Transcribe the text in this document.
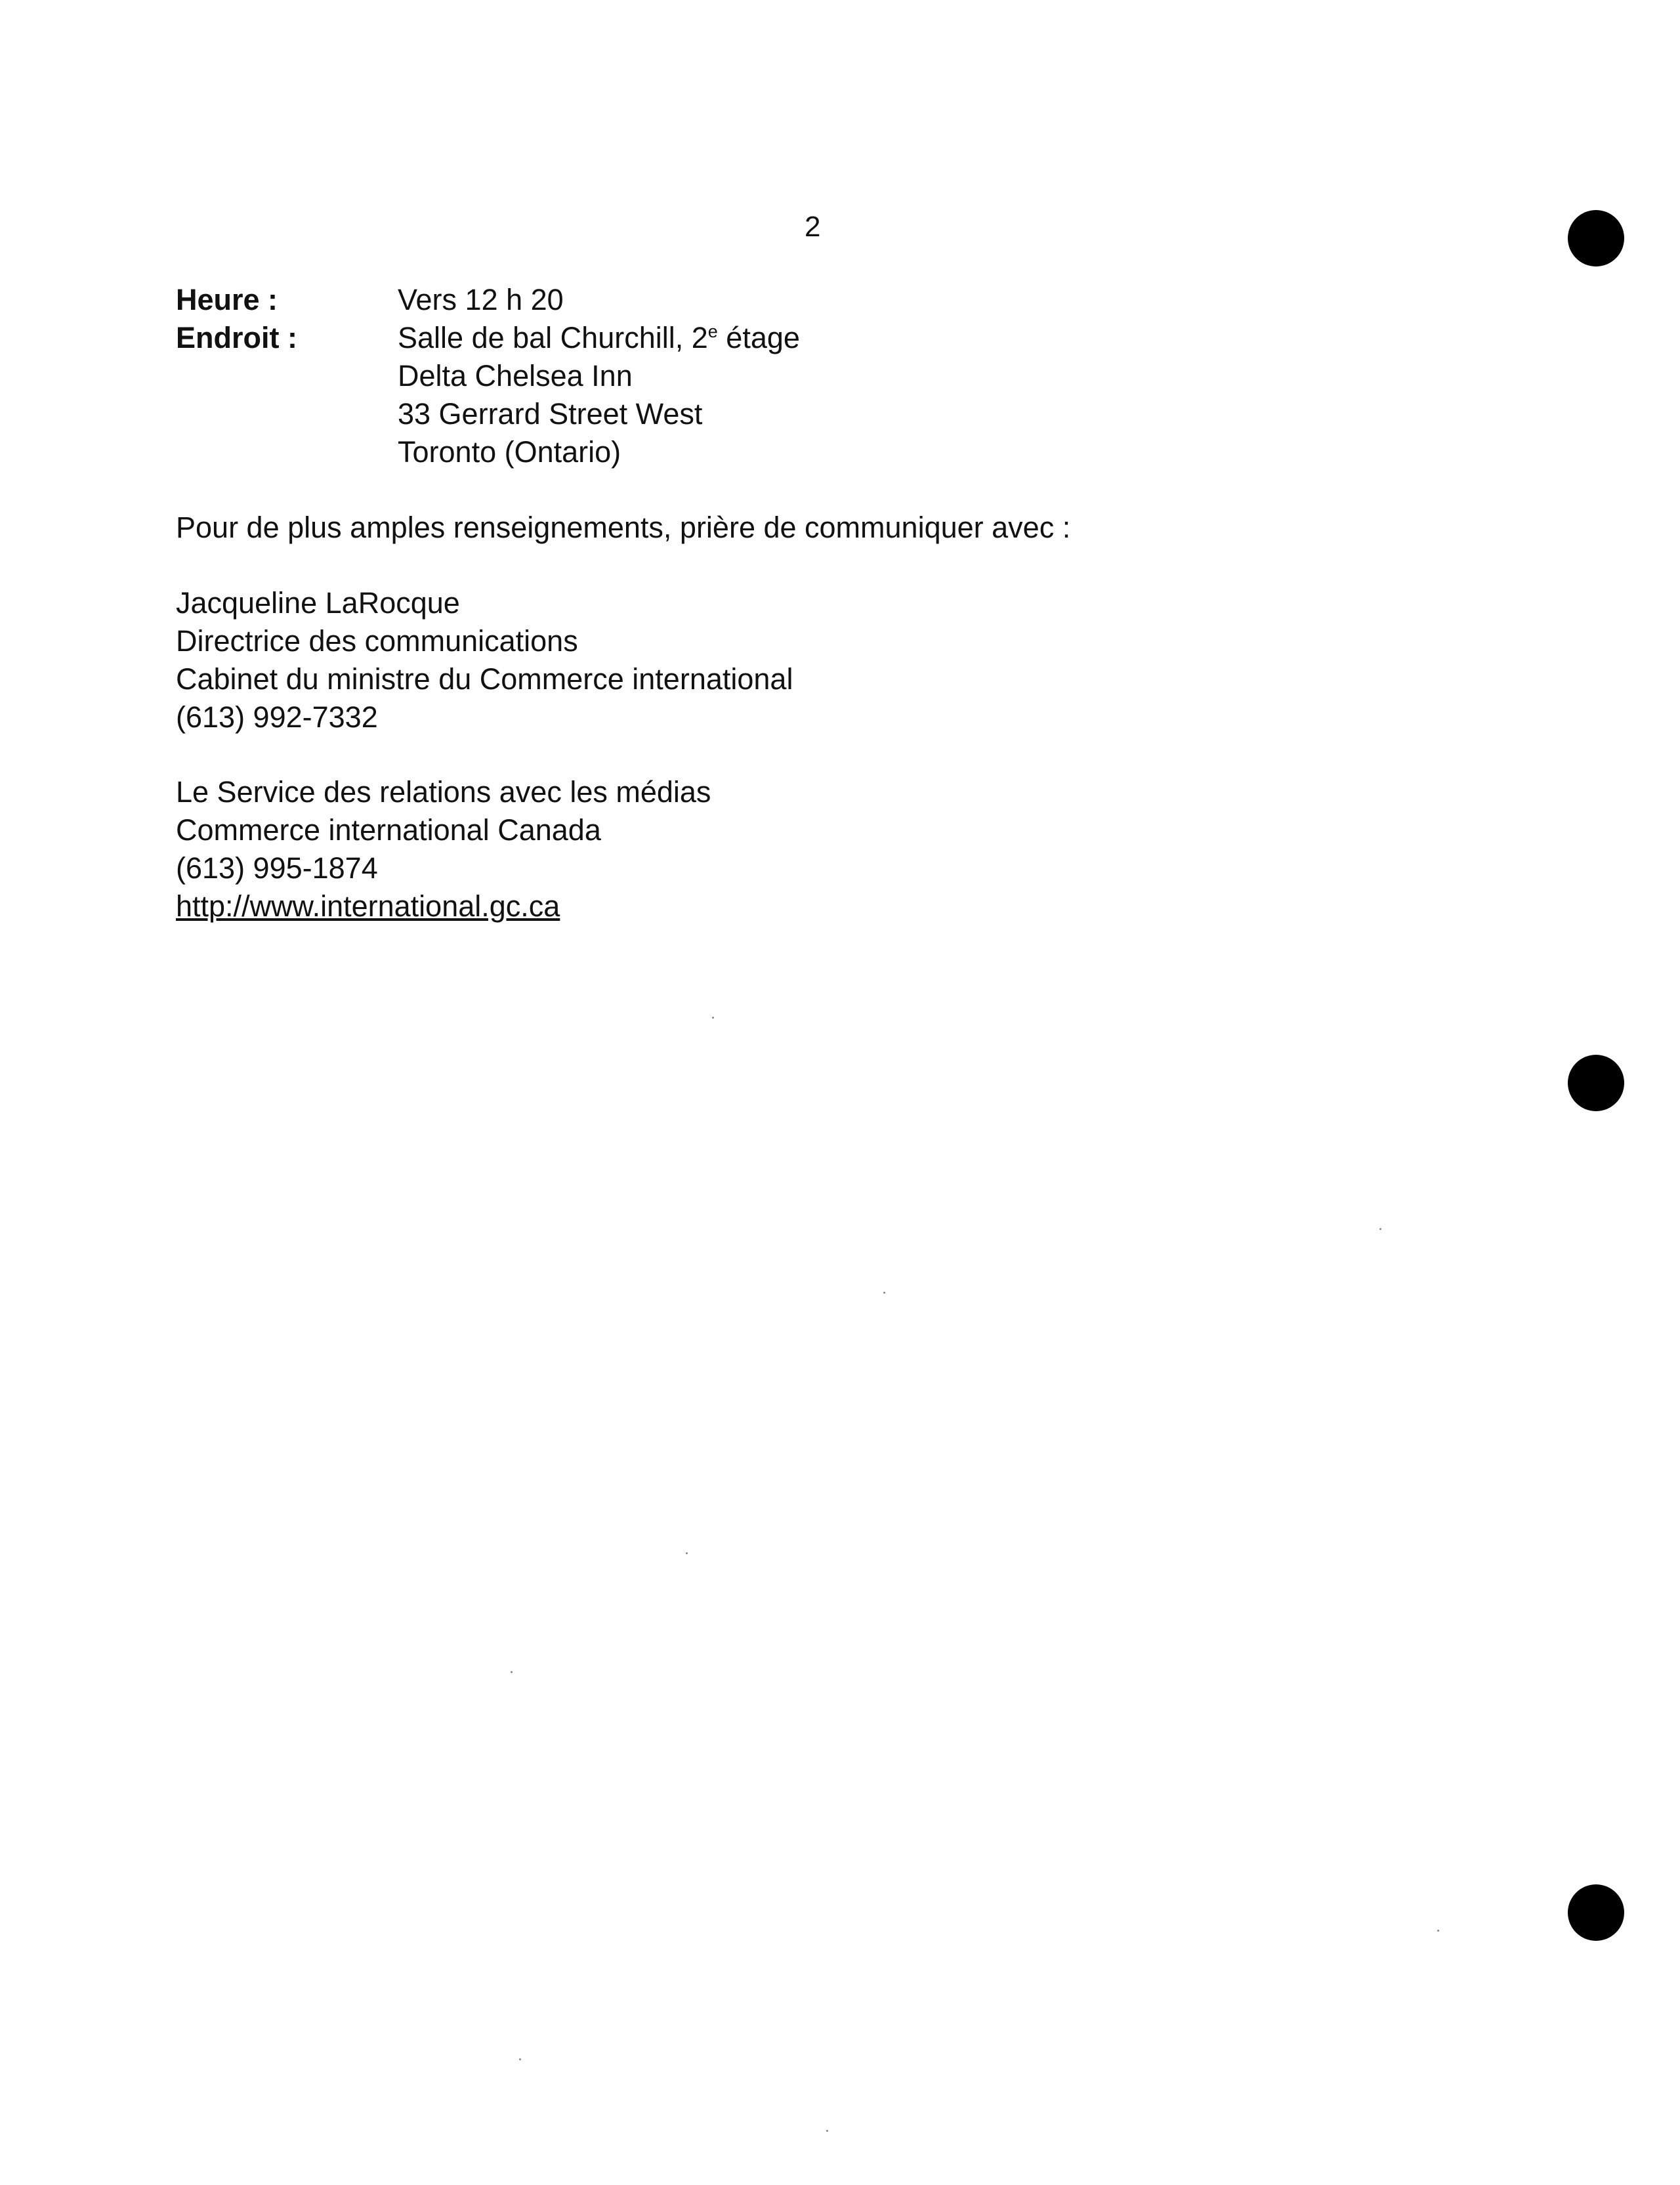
2
Heure :	Vers 12 h 20
Endroit :	Salle de bal Churchill, 2e étage
Delta Chelsea Inn
33 Gerrard Street West
Toronto (Ontario)
Pour de plus amples renseignements, prière de communiquer avec :
Jacqueline LaRocque
Directrice des communications
Cabinet du ministre du Commerce international
(613) 992-7332
Le Service des relations avec les médias
Commerce international Canada
(613) 995-1874
http://www.international.gc.ca
